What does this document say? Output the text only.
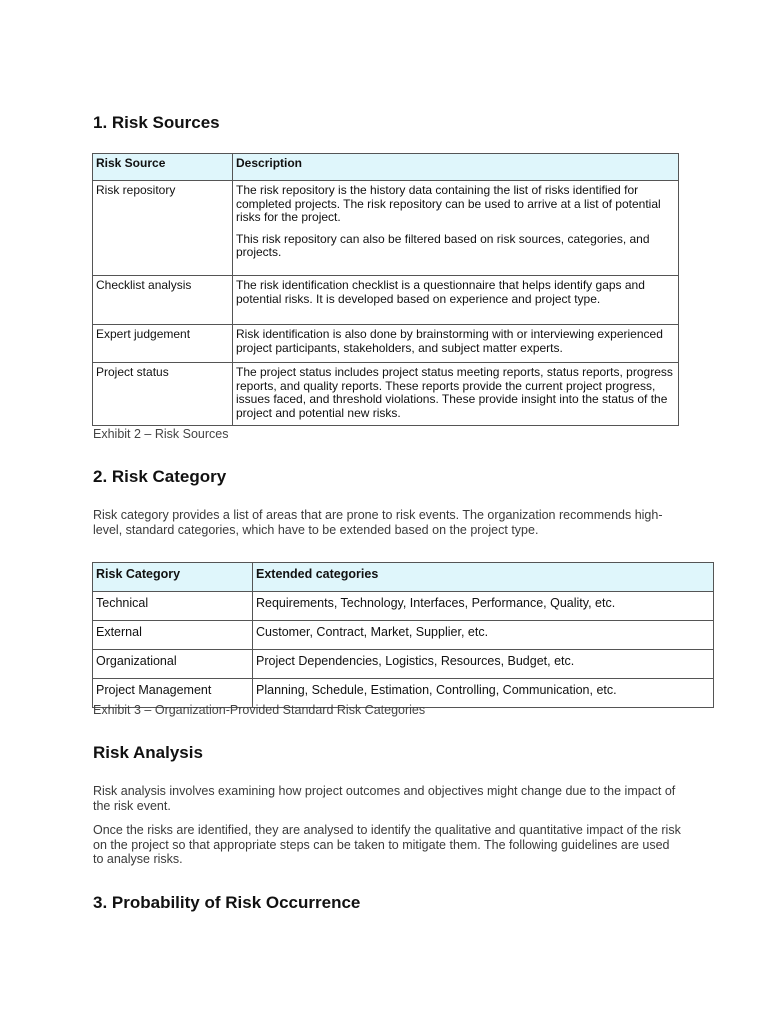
1. Risk Sources
Risk Source	Description
Risk repository	The risk repository is the history data containing the list of risks identified for completed projects. The risk repository can be used to arrive at a list of potential risks for the project.

This risk repository can also be filtered based on risk sources, categories, and projects.

Checklist analysis	The risk identification checklist is a questionnaire that helps identify gaps and potential risks. It is developed based on experience and project type.

Expert judgement	Risk identification is also done by brainstorming with or interviewing experienced project participants, stakeholders, and subject matter experts.

Project status	The project status includes project status meeting reports, status reports, progress reports, and quality reports. These reports provide the current project progress, issues faced, and threshold violations. These provide insight into the status of the project and potential new risks.

Exhibit 2 – Risk Sources

2. Risk Category

Risk category provides a list of areas that are prone to risk events. The organization recommends high-level, standard categories, which have to be extended based on the project type.

Risk Category	Extended categories
Technical	Requirements, Technology, Interfaces, Performance, Quality, etc.
External	Customer, Contract, Market, Supplier, etc.
Organizational	Project Dependencies, Logistics, Resources, Budget, etc.
Project Management	Planning, Schedule, Estimation, Controlling, Communication, etc.

Exhibit 3 – Organization-Provided Standard Risk Categories

Risk Analysis

Risk analysis involves examining how project outcomes and objectives might change due to the impact of the risk event.

Once the risks are identified, they are analysed to identify the qualitative and quantitative impact of the risk on the project so that appropriate steps can be taken to mitigate them. The following guidelines are used to analyse risks.

3. Probability of Risk Occurrence
